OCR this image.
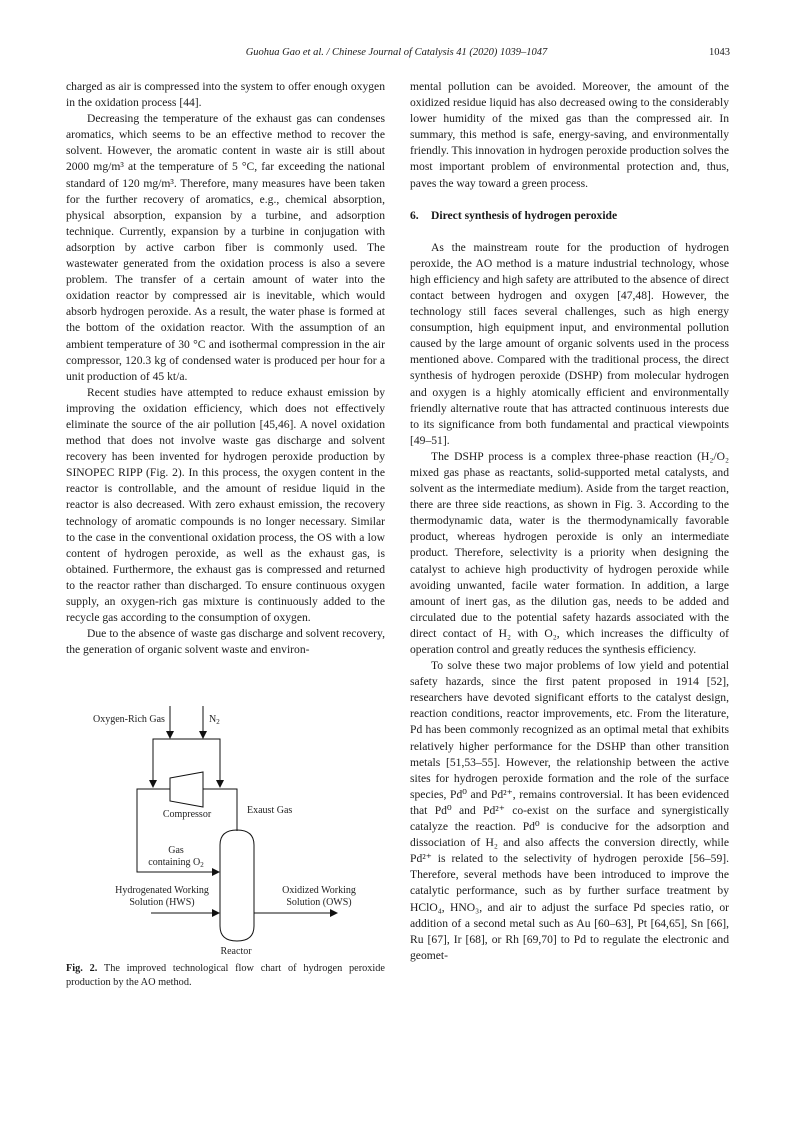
Guohua Gao et al. / Chinese Journal of Catalysis 41 (2020) 1039–1047	1043

charged as air is compressed into the system to offer enough oxygen in the oxidation process [44].

Decreasing the temperature of the exhaust gas can condenses aromatics, which seems to be an effective method to recover the solvent. However, the aromatic content in waste air is still about 2000 mg/m³ at the temperature of 5 °C, far exceeding the national standard of 120 mg/m³. Therefore, many measures have been taken for the further recovery of aromatics, e.g., chemical absorption, physical absorption, expansion by a turbine, and adsorption technique. Currently, expansion by a turbine in conjugation with adsorption by active carbon fiber is commonly used. The wastewater generated from the oxidation process is also a severe problem. The transfer of a certain amount of water into the oxidation reactor by compressed air is inevitable, which would absorb hydrogen peroxide. As a result, the water phase is formed at the bottom of the oxidation reactor. With the assumption of an ambient temperature of 30 °C and isothermal compression in the air compressor, 120.3 kg of condensed water is produced per hour for a unit production of 45 kt/a.

Recent studies have attempted to reduce exhaust emission by improving the oxidation efficiency, which does not effectively eliminate the source of the air pollution [45,46]. A novel oxidation method that does not involve waste gas discharge and solvent recovery has been invented for hydrogen peroxide production by SINOPEC RIPP (Fig. 2). In this process, the oxygen content in the reactor is controllable, and the amount of residue liquid in the reactor is also decreased. With zero exhaust emission, the recovery technology of aromatic compounds is no longer necessary. Similar to the case in the conventional oxidation process, the OS with a low content of hydrogen peroxide, as well as the exhaust gas, is obtained. Furthermore, the exhaust gas is compressed and returned to the reactor rather than discharged. To ensure continuous oxygen supply, an oxygen-rich gas mixture is continuously added to the recycle gas according to the consumption of oxygen.

Due to the absence of waste gas discharge and solvent recovery, the generation of organic solvent waste and environ-

Oxygen-Rich Gas	$N_2$
Compressor	Exaust Gas
Gas
containing $O_2$
Hydrogenated Working
Solution (HWS)
Oxidized Working
Solution (OWS)
Reactor
Fig. 2. The improved technological flow chart of hydrogen peroxide production by the AO method.

mental pollution can be avoided. Moreover, the amount of the oxidized residue liquid has also decreased owing to the considerably lower humidity of the mixed gas than the compressed air. In summary, this method is safe, energy-saving, and environmentally friendly. This innovation in hydrogen peroxide production solves the most important problem of environmental protection and, thus, paves the way toward a green process.

6. Direct synthesis of hydrogen peroxide

As the mainstream route for the production of hydrogen peroxide, the AO method is a mature industrial technology, whose high efficiency and high safety are attributed to the absence of direct contact between hydrogen and oxygen [47,48]. However, the technology still faces several challenges, such as high energy consumption, high equipment input, and environmental pollution caused by the large amount of organic solvents used in the process mentioned above. Compared with the traditional process, the direct synthesis of hydrogen peroxide (DSHP) from molecular hydrogen and oxygen is a highly atomically efficient and environmentally friendly alternative route that has attracted continuous interests due to its significance from both fundamental and practical viewpoints [49–51].

The DSHP process is a complex three-phase reaction (H₂/O₂ mixed gas phase as reactants, solid-supported metal catalysts, and solvent as the intermediate medium). Aside from the target reaction, there are three side reactions, as shown in Fig. 3. According to the thermodynamic data, water is the thermodynamically favorable product, whereas hydrogen peroxide is only an intermediate product. Therefore, selectivity is a priority when designing the catalyst to achieve high productivity of hydrogen peroxide while avoiding unwanted, facile water formation. In addition, a large amount of inert gas, as the dilution gas, needs to be added and circulated due to the potential safety hazards associated with the direct contact of H₂ with O₂, which increases the difficulty of operation control and greatly reduces the synthesis efficiency.

To solve these two major problems of low yield and potential safety hazards, since the first patent proposed in 1914 [52], researchers have devoted significant efforts to the catalyst design, reaction conditions, reactor improvements, etc. From the literature, Pd has been commonly recognized as an optimal metal that exhibits relatively higher performance for the DSHP than other transition metals [51,53–55]. However, the relationship between the active sites for hydrogen peroxide formation and the role of the surface species, Pd⁰ and Pd²⁺, remains controversial. It has been evidenced that Pd⁰ and Pd²⁺ co-exist on the surface and synergistically catalyze the reaction. Pd⁰ is conducive for the adsorption and dissociation of H₂ and also affects the conversion directly, while Pd²⁺ is related to the selectivity of hydrogen peroxide [56–59]. Therefore, several methods have been introduced to improve the catalytic performance, such as by further surface treatment by HClO₄, HNO₃, and air to adjust the surface Pd species ratio, or addition of a second metal such as Au [60–63], Pt [64,65], Sn [66], Ru [67], Ir [68], or Rh [69,70] to Pd to regulate the electronic and geomet-
